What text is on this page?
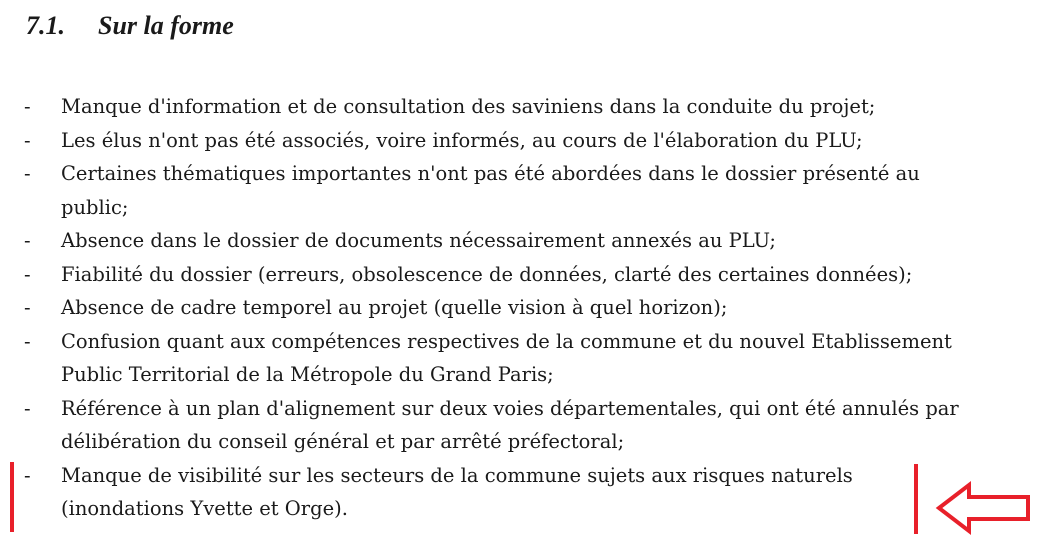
7.1. Sur la forme
- Manque d'information et de consultation des saviniens dans la conduite du projet;
- Les élus n'ont pas été associés, voire informés, au cours de l'élaboration du PLU;
- Certaines thématiques importantes n'ont pas été abordées dans le dossier présenté au
public;
- Absence dans le dossier de documents nécessairement annexés au PLU;
- Fiabilité du dossier (erreurs, obsolescence de données, clarté des certaines données);
- Absence de cadre temporel au projet (quelle vision à quel horizon);
- Confusion quant aux compétences respectives de la commune et du nouvel Etablissement
Public Territorial de la Métropole du Grand Paris;
- Référence à un plan d'alignement sur deux voies départementales, qui ont été annulés par
délibération du conseil général et par arrêté préfectoral;
- Manque de visibilité sur les secteurs de la commune sujets aux risques naturels
(inondations Yvette et Orge).
